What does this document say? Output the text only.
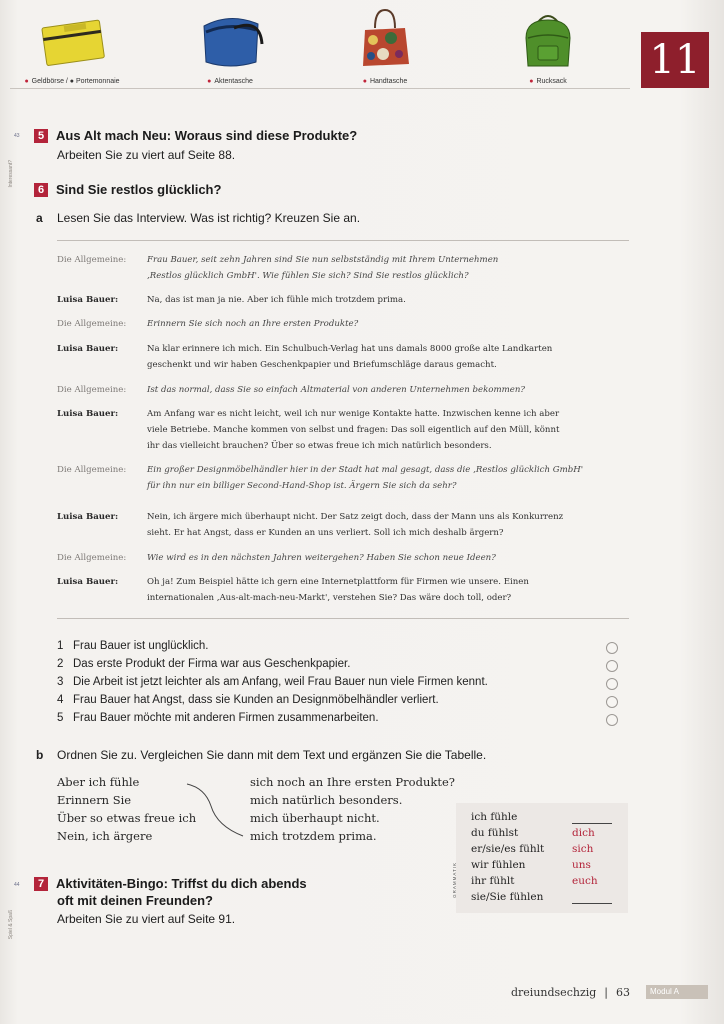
● Geldbörse / ● Portemonnaie	● Aktentasche	● Handtasche	● Rucksack	11
Interessant?
Spiel & Spaß
43	5 Aus Alt mach Neu: Woraus sind diese Produkte?
Arbeiten Sie zu viert auf Seite 88.
6 Sind Sie restlos glücklich?
a Lesen Sie das Interview. Was ist richtig? Kreuzen Sie an.
Die Allgemeine:	Frau Bauer, seit zehn Jahren sind Sie nun selbstständig mit Ihrem Unternehmen
‚Restlos glücklich GmbH'. Wie fühlen Sie sich? Sind Sie restlos glücklich?
Luisa Bauer:	Na, das ist man ja nie. Aber ich fühle mich trotzdem prima.
Die Allgemeine:	Erinnern Sie sich noch an Ihre ersten Produkte?
Luisa Bauer:	Na klar erinnere ich mich. Ein Schulbuch-Verlag hat uns damals 8000 große alte Landkarten
geschenkt und wir haben Geschenkpapier und Briefumschläge daraus gemacht.
Die Allgemeine:	Ist das normal, dass Sie so einfach Altmaterial von anderen Unternehmen bekommen?
Luisa Bauer:	Am Anfang war es nicht leicht, weil ich nur wenige Kontakte hatte. Inzwischen kenne ich aber
viele Betriebe. Manche kommen von selbst und fragen: Das soll eigentlich auf den Müll, könnt
ihr das vielleicht brauchen? Über so etwas freue ich mich natürlich besonders.
Die Allgemeine:	Ein großer Designmöbelhändler hier in der Stadt hat mal gesagt, dass die ‚Restlos glücklich GmbH'
für ihn nur ein billiger Second-Hand-Shop ist. Ärgern Sie sich da sehr?
Luisa Bauer:	Nein, ich ärgere mich überhaupt nicht. Der Satz zeigt doch, dass der Mann uns als Konkurrenz
sieht. Er hat Angst, dass er Kunden an uns verliert. Soll ich mich deshalb ärgern?
Die Allgemeine:	Wie wird es in den nächsten Jahren weitergehen? Haben Sie schon neue Ideen?
Luisa Bauer:	Oh ja! Zum Beispiel hätte ich gern eine Internetplattform für Firmen wie unsere. Einen
internationalen ‚Aus-alt-mach-neu-Markt', verstehen Sie? Das wäre doch toll, oder?
1 Frau Bauer ist unglücklich.
2 Das erste Produkt der Firma war aus Geschenkpapier.
3 Die Arbeit ist jetzt leichter als am Anfang, weil Frau Bauer nun viele Firmen kennt.
4 Frau Bauer hat Angst, dass sie Kunden an Designmöbelhändler verliert.
5 Frau Bauer möchte mit anderen Firmen zusammenarbeiten.
b Ordnen Sie zu. Vergleichen Sie dann mit dem Text und ergänzen Sie die Tabelle.
Aber ich fühle
Erinnern Sie
Über so etwas freue ich
Nein, ich ärgere
sich noch an Ihre ersten Produkte?
mich natürlich besonders.
mich überhaupt nicht.
mich trotzdem prima.
GRAMMATIK
ich fühle
du fühlst	dich
er/sie/es fühlt	sich
wir fühlen	uns
ihr fühlt	euch
sie/Sie fühlen
44	7 Aktivitäten-Bingo: Triffst du dich abends
oft mit deinen Freunden?
Arbeiten Sie zu viert auf Seite 91.
dreiundsechzig | 63	Modul A
